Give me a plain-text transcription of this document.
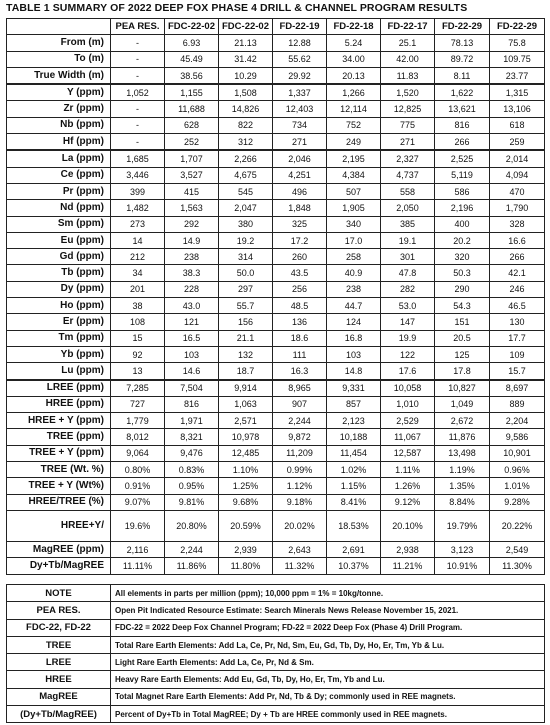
TABLE 1 SUMMARY OF 2022 DEEP FOX PHASE 4 DRILL & CHANNEL PROGRAM RESULTS
	PEA RES.	FDC-22-02	FDC-22-02	FD-22-19	FD-22-18	FD-22-17	FD-22-29	FD-22-29
From (m)	-	6.93	21.13	12.88	5.24	25.1	78.13	75.8
To (m)	-	45.49	31.42	55.62	34.00	42.00	89.72	109.75
True Width (m)	-	38.56	10.29	29.92	20.13	11.83	8.11	23.77
Y (ppm)	1,052	1,155	1,508	1,337	1,266	1,520	1,622	1,315
Zr (ppm)	-	11,688	14,826	12,403	12,114	12,825	13,621	13,106
Nb (ppm)	-	628	822	734	752	775	816	618
Hf (ppm)	-	252	312	271	249	271	266	259
La (ppm)	1,685	1,707	2,266	2,046	2,195	2,327	2,525	2,014
Ce (ppm)	3,446	3,527	4,675	4,251	4,384	4,737	5,119	4,094
Pr (ppm)	399	415	545	496	507	558	586	470
Nd (ppm)	1,482	1,563	2,047	1,848	1,905	2,050	2,196	1,790
Sm (ppm)	273	292	380	325	340	385	400	328
Eu (ppm)	14	14.9	19.2	17.2	17.0	19.1	20.2	16.6
Gd (ppm)	212	238	314	260	258	301	320	266
Tb (ppm)	34	38.3	50.0	43.5	40.9	47.8	50.3	42.1
Dy (ppm)	201	228	297	256	238	282	290	246
Ho (ppm)	38	43.0	55.7	48.5	44.7	53.0	54.3	46.5
Er (ppm)	108	121	156	136	124	147	151	130
Tm (ppm)	15	16.5	21.1	18.6	16.8	19.9	20.5	17.7
Yb (ppm)	92	103	132	111	103	122	125	109
Lu (ppm)	13	14.6	18.7	16.3	14.8	17.6	17.8	15.7
LREE (ppm)	7,285	7,504	9,914	8,965	9,331	10,058	10,827	8,697
HREE (ppm)	727	816	1,063	907	857	1,010	1,049	889
HREE + Y (ppm)	1,779	1,971	2,571	2,244	2,123	2,529	2,672	2,204
TREE (ppm)	8,012	8,321	10,978	9,872	10,188	11,067	11,876	9,586
TREE + Y (ppm)	9,064	9,476	12,485	11,209	11,454	12,587	13,498	10,901
TREE (Wt. %)	0.80%	0.83%	1.10%	0.99%	1.02%	1.11%	1.19%	0.96%
TREE + Y (Wt%)	0.91%	0.95%	1.25%	1.12%	1.15%	1.26%	1.35%	1.01%
HREE/TREE (%)	9.07%	9.81%	9.68%	9.18%	8.41%	9.12%	8.84%	9.28%
HREE+Y/	19.6%	20.80%	20.59%	20.02%	18.53%	20.10%	19.79%	20.22%
MagREE (ppm)	2,116	2,244	2,939	2,643	2,691	2,938	3,123	2,549
Dy+Tb/MagREE	11.11%	11.86%	11.80%	11.32%	10.37%	11.21%	10.91%	11.30%
NOTE	All elements in parts per million (ppm); 10,000 ppm = 1% = 10kg/tonne.
PEA RES.	Open Pit Indicated Resource Estimate: Search Minerals News Release November 15, 2021.
FDC-22, FD-22	FDC-22 = 2022 Deep Fox Channel Program; FD-22 = 2022 Deep Fox (Phase 4) Drill Program.
TREE	Total Rare Earth Elements: Add La, Ce, Pr, Nd, Sm, Eu, Gd, Tb, Dy, Ho, Er, Tm, Yb & Lu.
LREE	Light Rare Earth Elements: Add La, Ce, Pr, Nd & Sm.
HREE	Heavy Rare Earth Elements: Add Eu, Gd, Tb, Dy, Ho, Er, Tm, Yb and Lu.
MagREE	Total Magnet Rare Earth Elements: Add Pr, Nd, Tb & Dy; commonly used in REE magnets.
(Dy+Tb/MagREE)	Percent of Dy+Tb in Total MagREE; Dy + Tb are HREE commonly used in REE magnets.
